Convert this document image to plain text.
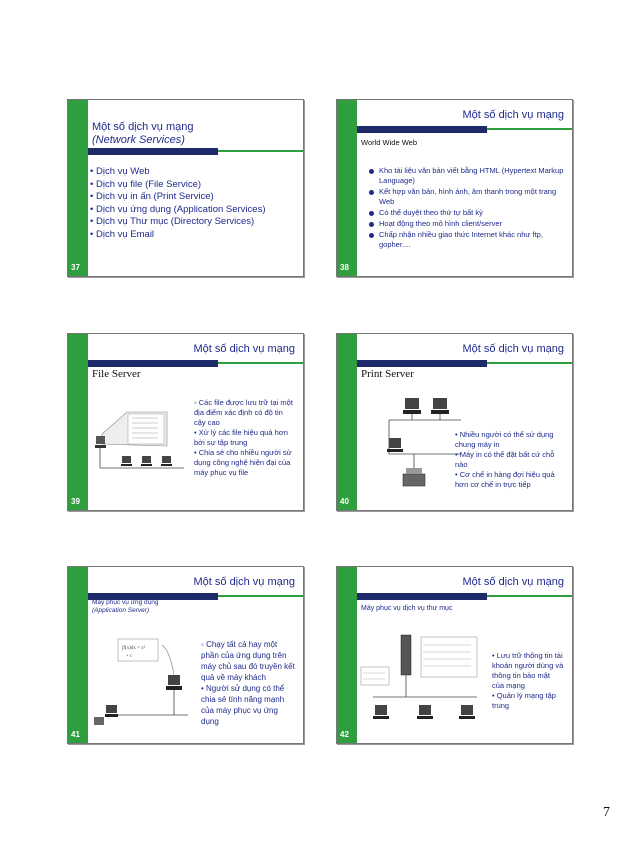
Một số dịch vụ mạng
(Network Services)
• Dịch vụ Web
• Dịch vụ file (File Service)
• Dịch vụ in ấn (Print Service)
• Dịch vụ ứng dụng (Application Services)
• Dịch vụ Thư mục (Directory Services)
• Dịch vụ Email
37
Một số dịch vụ mạng
World Wide Web
Kho tài liệu văn bản viết bằng HTML (Hypertext Markup Language)
Kết hợp văn bản, hình ảnh, âm thanh trong một trang Web
Có thể duyệt theo thứ tự bất kỳ
Hoạt động theo mô hình client/server
Chấp nhận nhiều giao thức Internet khác như ftp, gopher....
38
Một số dịch vụ mạng
File Server

◦ Các file được lưu trữ tại một địa điểm xác định có độ tin cậy cao

• Xử lý các file hiệu quả hơn bởi sự tập trung

• Chia sẻ cho nhiều người sử dụng công nghệ hiện đại của máy phục vụ file

39
Một số dịch vụ mạng
Print Server

• Nhiều người có thể sử dụng chung máy in

• Máy in có thể đặt bất cứ chỗ nào

• Cơ chế in hàng đợi hiệu quả hơn cơ chế in trực tiếp

40
Một số dịch vụ mạng
Máy phục vụ ứng dụng
(Application Server)
∫f(x)dx = x²
+ c

◦ Chạy tất cả hay một phần của ứng dụng trên máy chủ sau đó truyền kết quả về máy khách

• Người sử dụng có thể chia sẻ tính năng mạnh của máy phục vụ ứng dụng

41
Một số dịch vụ mạng
Máy phục vụ dịch vụ thư mục

• Lưu trữ thông tin tài khoản người dùng và thông tin bảo mật của mạng

• Quản lý mạng tập trung

42
7
